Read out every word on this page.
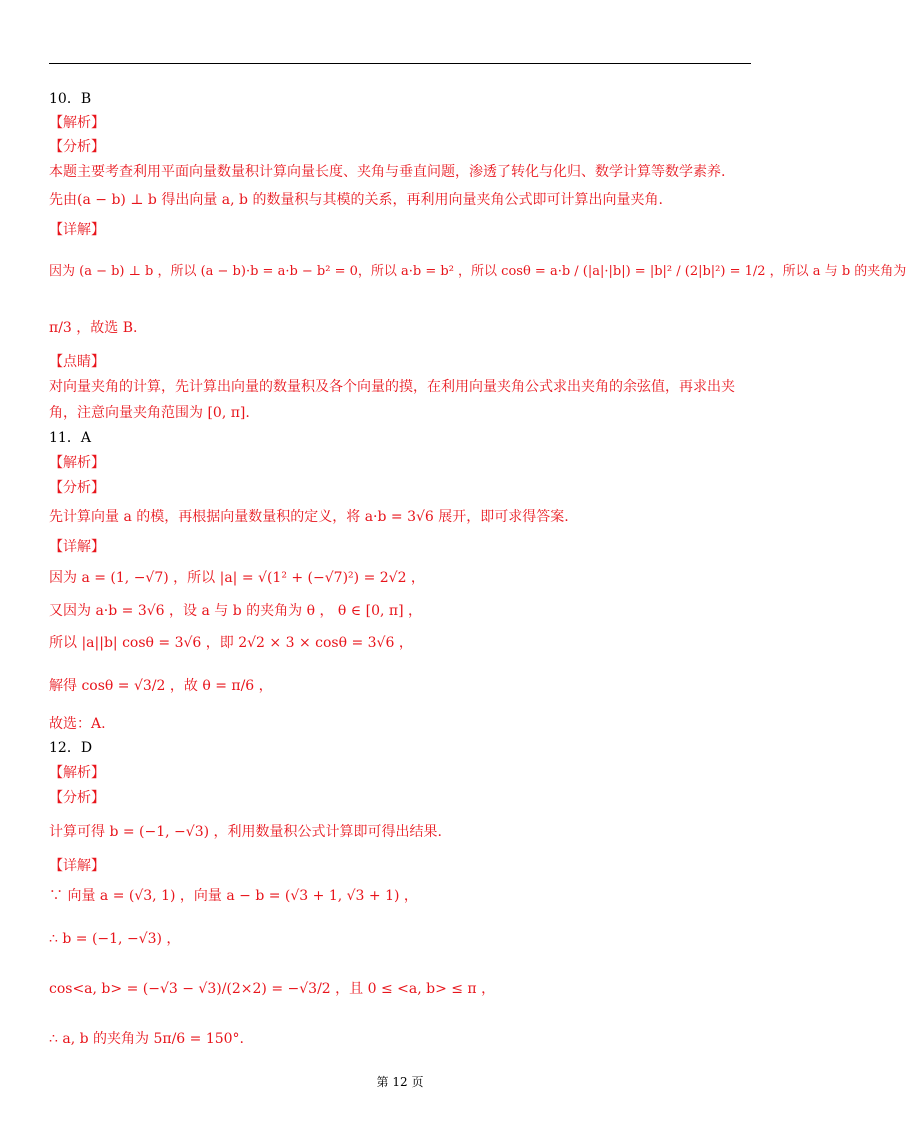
10．B
【解析】
【分析】
本题主要考查利用平面向量数量积计算向量长度、夹角与垂直问题，渗透了转化与化归、数学计算等数学素养.
先由(a − b) ⊥ b 得出向量 a, b 的数量积与其模的关系，再利用向量夹角公式即可计算出向量夹角.
【详解】
因为 (a − b) ⊥ b ，所以 (a − b)·b = a·b − b² = 0，所以 a·b = b² ，所以 cosθ = a·b / (|a|·|b|) = |b|² / (2|b|²) = 1/2 ，所以 a 与 b 的夹角为
π/3 ，故选 B.
【点睛】
对向量夹角的计算，先计算出向量的数量积及各个向量的摸，在利用向量夹角公式求出夹角的余弦值，再求出夹
角，注意向量夹角范围为 [0, π].
11．A
【解析】
【分析】
先计算向量 a 的模，再根据向量数量积的定义，将 a·b = 3√6 展开，即可求得答案.
【详解】
因为 a = (1, −√7) ，所以 |a| = √(1² + (−√7)²) = 2√2 ，
又因为 a·b = 3√6 ，设 a 与 b 的夹角为 θ ， θ ∈ [0, π] ，
所以 |a||b| cosθ = 3√6 ，即 2√2 × 3 × cosθ = 3√6 ，
解得 cosθ = √3/2 ，故 θ = π/6 ，
故选：A.
12．D
【解析】
【分析】
计算可得 b = (−1, −√3) ，利用数量积公式计算即可得出结果.
【详解】
∵ 向量 a = (√3, 1) ，向量 a − b = (√3 + 1, √3 + 1) ，
∴ b = (−1, −√3) ，
cos<a, b> = (−√3 − √3)/(2×2) = −√3/2 ，且 0 ≤ <a, b> ≤ π ，
∴ a, b 的夹角为 5π/6 = 150°.
第 12 页
